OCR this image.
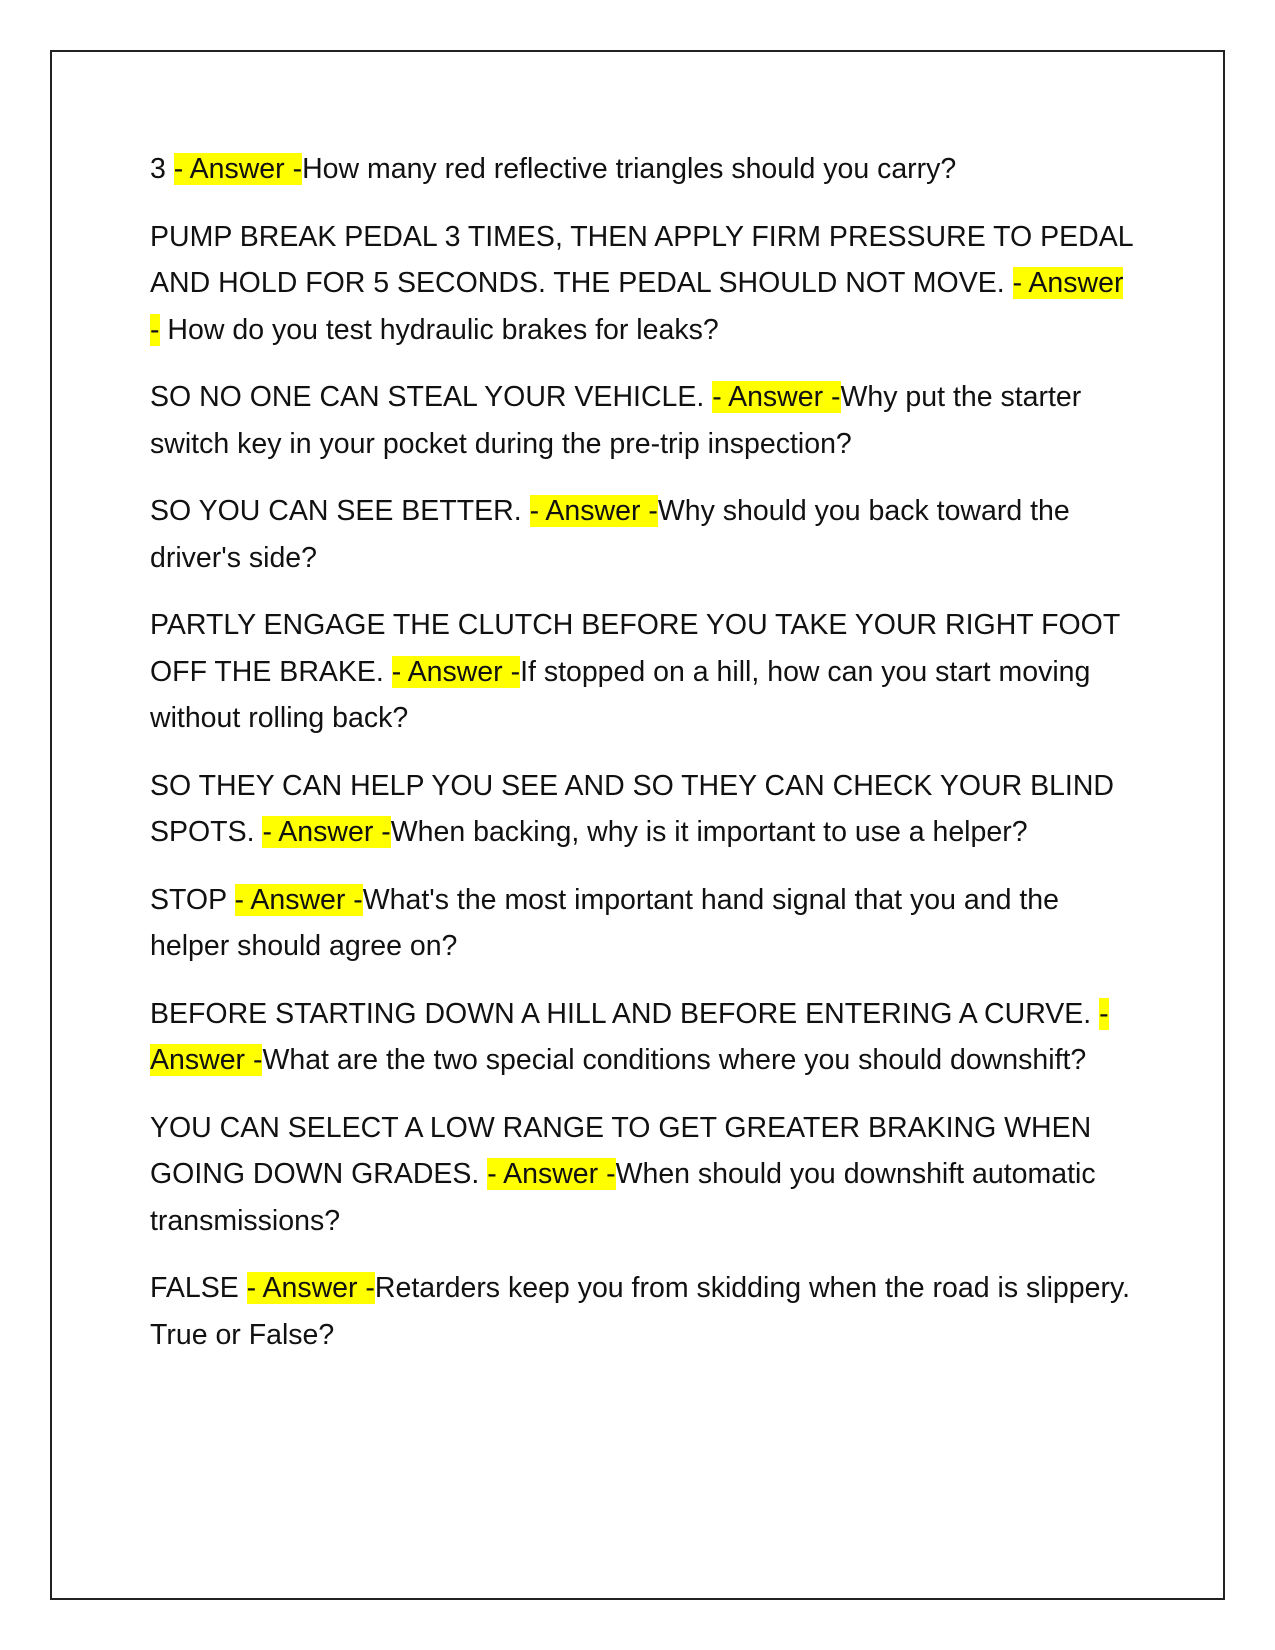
3 - Answer -How many red reflective triangles should you carry?

PUMP BREAK PEDAL 3 TIMES, THEN APPLY FIRM PRESSURE TO PEDAL AND HOLD FOR 5 SECONDS. THE PEDAL SHOULD NOT MOVE. - Answer - How do you test hydraulic brakes for leaks?

SO NO ONE CAN STEAL YOUR VEHICLE. - Answer -Why put the starter switch key in your pocket during the pre-trip inspection?

SO YOU CAN SEE BETTER. - Answer -Why should you back toward the driver's side?

PARTLY ENGAGE THE CLUTCH BEFORE YOU TAKE YOUR RIGHT FOOT OFF THE BRAKE. - Answer -If stopped on a hill, how can you start moving without rolling back?

SO THEY CAN HELP YOU SEE AND SO THEY CAN CHECK YOUR BLIND SPOTS. - Answer -When backing, why is it important to use a helper?

STOP - Answer -What's the most important hand signal that you and the helper should agree on?

BEFORE STARTING DOWN A HILL AND BEFORE ENTERING A CURVE. - Answer -What are the two special conditions where you should downshift?

YOU CAN SELECT A LOW RANGE TO GET GREATER BRAKING WHEN GOING DOWN GRADES. - Answer -When should you downshift automatic transmissions?

FALSE - Answer -Retarders keep you from skidding when the road is slippery. True or False?
